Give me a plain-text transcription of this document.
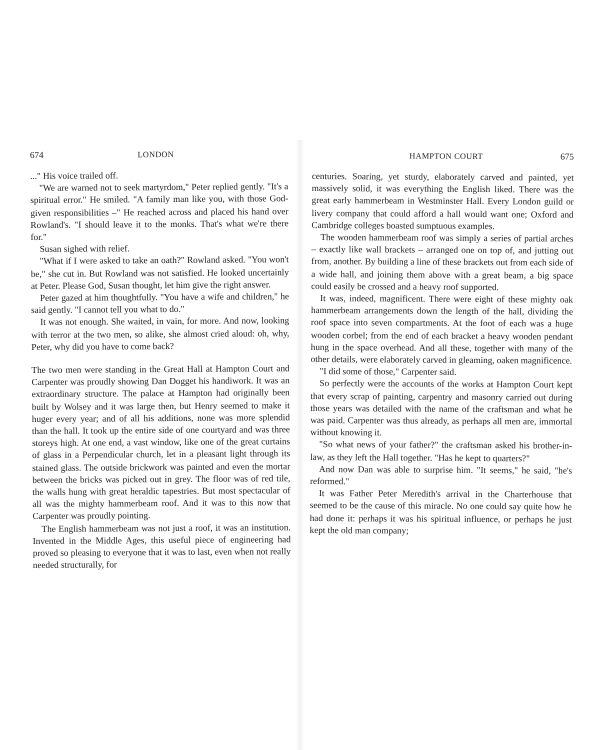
674	LONDON

..." His voice trailed off.

"We are warned not to seek martyrdom," Peter replied gently. "It's a spiritual error." He smiled. "A family man like you, with those God-given responsibilities –" He reached across and placed his hand over Rowland's. "I should leave it to the monks. That's what we're there for."

Susan sighed with relief.

"What if I were asked to take an oath?" Rowland asked. "You won't be," she cut in. But Rowland was not satisfied. He looked uncertainly at Peter. Please God, Susan thought, let him give the right answer.

Peter gazed at him thoughtfully. "You have a wife and children," he said gently. "I cannot tell you what to do."

It was not enough. She waited, in vain, for more. And now, looking with terror at the two men, so alike, she almost cried aloud: oh, why, Peter, why did you have to come back?

The two men were standing in the Great Hall at Hampton Court and Carpenter was proudly showing Dan Dogget his handiwork. It was an extraordinary structure. The palace at Hampton had originally been built by Wolsey and it was large then, but Henry seemed to make it huger every year; and of all his additions, none was more splendid than the hall. It took up the entire side of one courtyard and was three storeys high. At one end, a vast window, like one of the great curtains of glass in a Perpendicular church, let in a pleasant light through its stained glass. The outside brickwork was painted and even the mortar between the bricks was picked out in grey. The floor was of red tile, the walls hung with great heraldic tapestries. But most spectacular of all was the mighty hammerbeam roof. And it was to this now that Carpenter was proudly pointing.

The English hammerbeam was not just a roof, it was an institution. Invented in the Middle Ages, this useful piece of engineering had proved so pleasing to everyone that it was to last, even when not really needed structurally, for

HAMPTON COURT	675

centuries. Soaring, yet sturdy, elaborately carved and painted, yet massively solid, it was everything the English liked. There was the great early hammerbeam in Westminster Hall. Every London guild or livery company that could afford a hall would want one; Oxford and Cambridge colleges boasted sumptuous examples.

The wooden hammerbeam roof was simply a series of partial arches – exactly like wall brackets – arranged one on top of, and jutting out from, another. By building a line of these brackets out from each side of a wide hall, and joining them above with a great beam, a big space could easily be crossed and a heavy roof supported.

It was, indeed, magnificent. There were eight of these mighty oak hammerbeam arrangements down the length of the hall, dividing the roof space into seven compartments. At the foot of each was a huge wooden corbel; from the end of each bracket a heavy wooden pendant hung in the space overhead. And all these, together with many of the other details, were elaborately carved in gleaming, oaken magnificence.

"I did some of those," Carpenter said.

So perfectly were the accounts of the works at Hampton Court kept that every scrap of painting, carpentry and masonry carried out during those years was detailed with the name of the craftsman and what he was paid. Carpenter was thus already, as perhaps all men are, immortal without knowing it.

"So what news of your father?" the craftsman asked his brother-in-law, as they left the Hall together. "Has he kept to quarters?"

And now Dan was able to surprise him. "It seems," he said, "he's reformed."

It was Father Peter Meredith's arrival in the Charterhouse that seemed to be the cause of this miracle. No one could say quite how he had done it: perhaps it was his spiritual influence, or perhaps he just kept the old man company;
